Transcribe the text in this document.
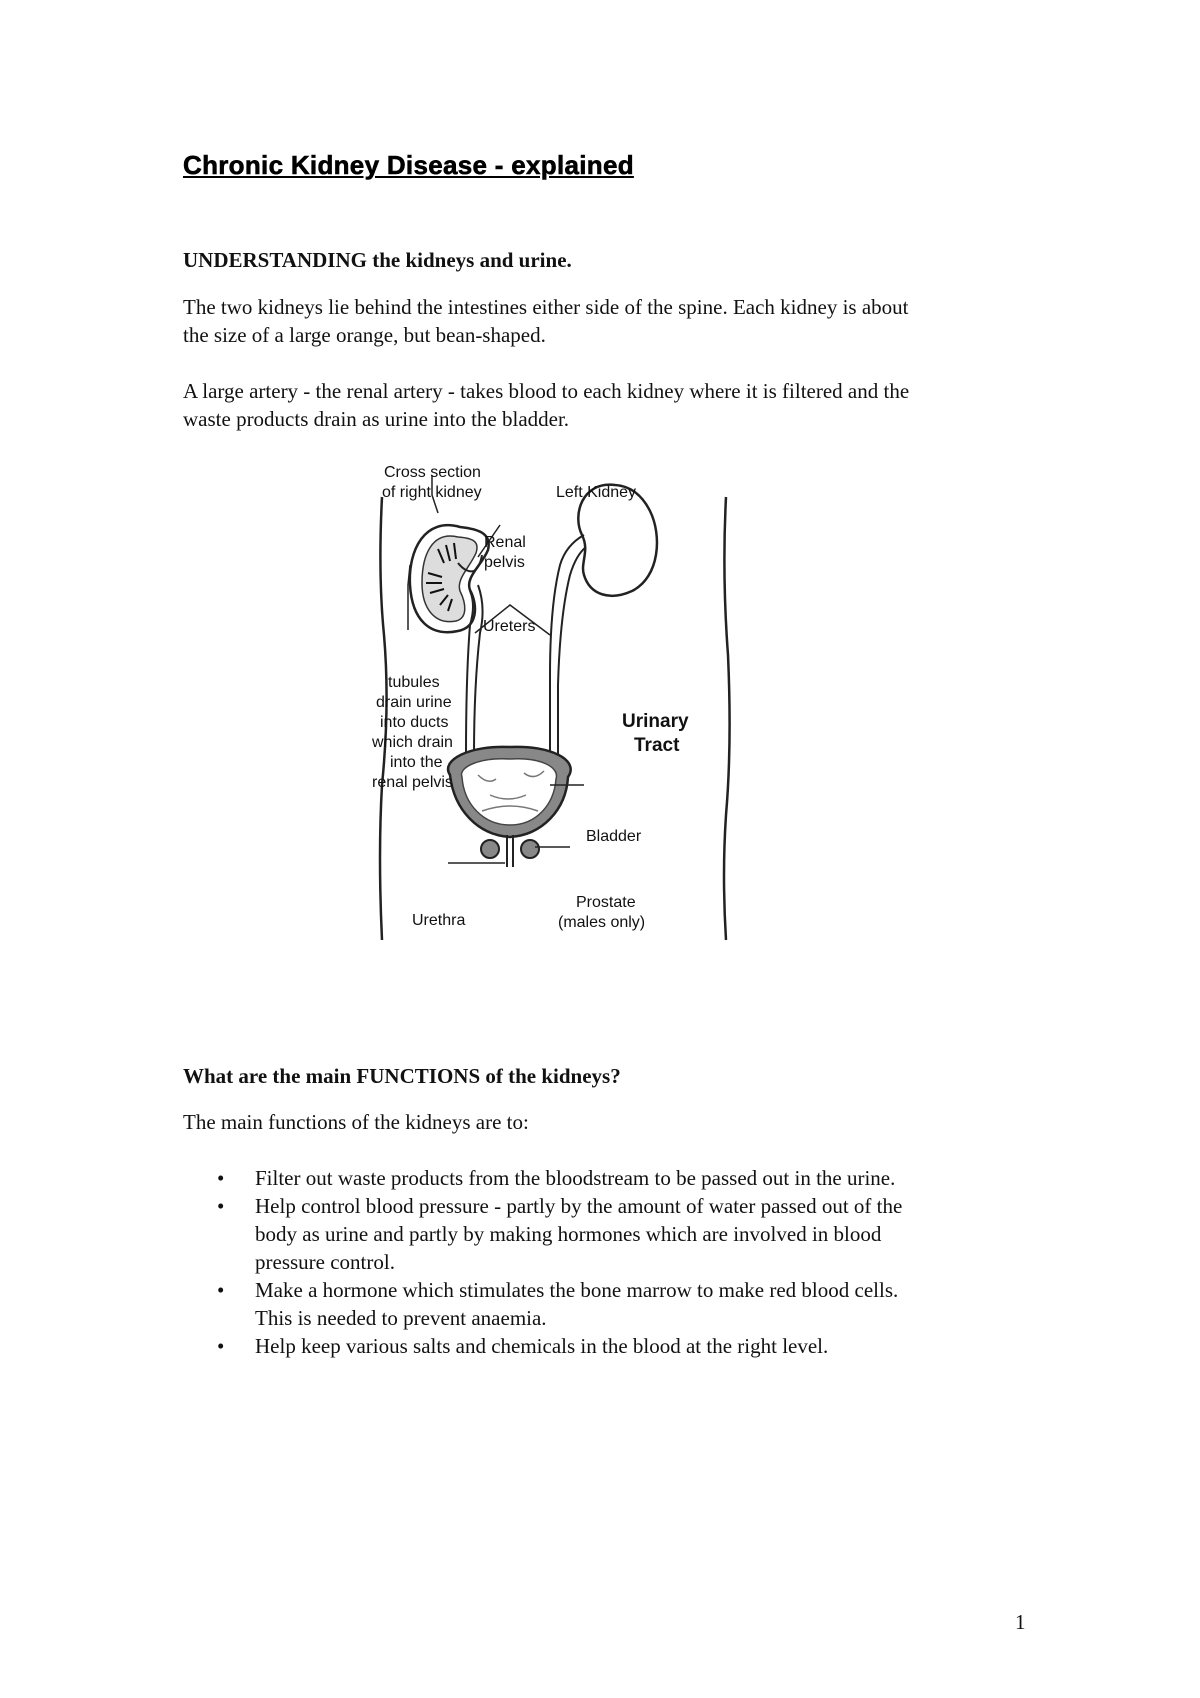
Chronic Kidney Disease - explained
UNDERSTANDING the kidneys and urine.
The two kidneys lie behind the intestines either side of the spine. Each kidney is about
the size of a large orange, but bean-shaped.
A large artery - the renal artery - takes blood to each kidney where it is filtered and the
waste products drain as urine into the bladder.
Cross section
of right kidney	Left Kidney
Renal
pelvis
Ureters
tubules
drain urine
into ducts
which drain
into the
renal pelvis
Urinary
Tract
Bladder
Prostate
(males only)
Urethra
What are the main FUNCTIONS of the kidneys?
The main functions of the kidneys are to:
• Filter out waste products from the bloodstream to be passed out in the urine.
• Help control blood pressure - partly by the amount of water passed out of the
body as urine and partly by making hormones which are involved in blood
pressure control.
• Make a hormone which stimulates the bone marrow to make red blood cells.
This is needed to prevent anaemia.
• Help keep various salts and chemicals in the blood at the right level.
1
